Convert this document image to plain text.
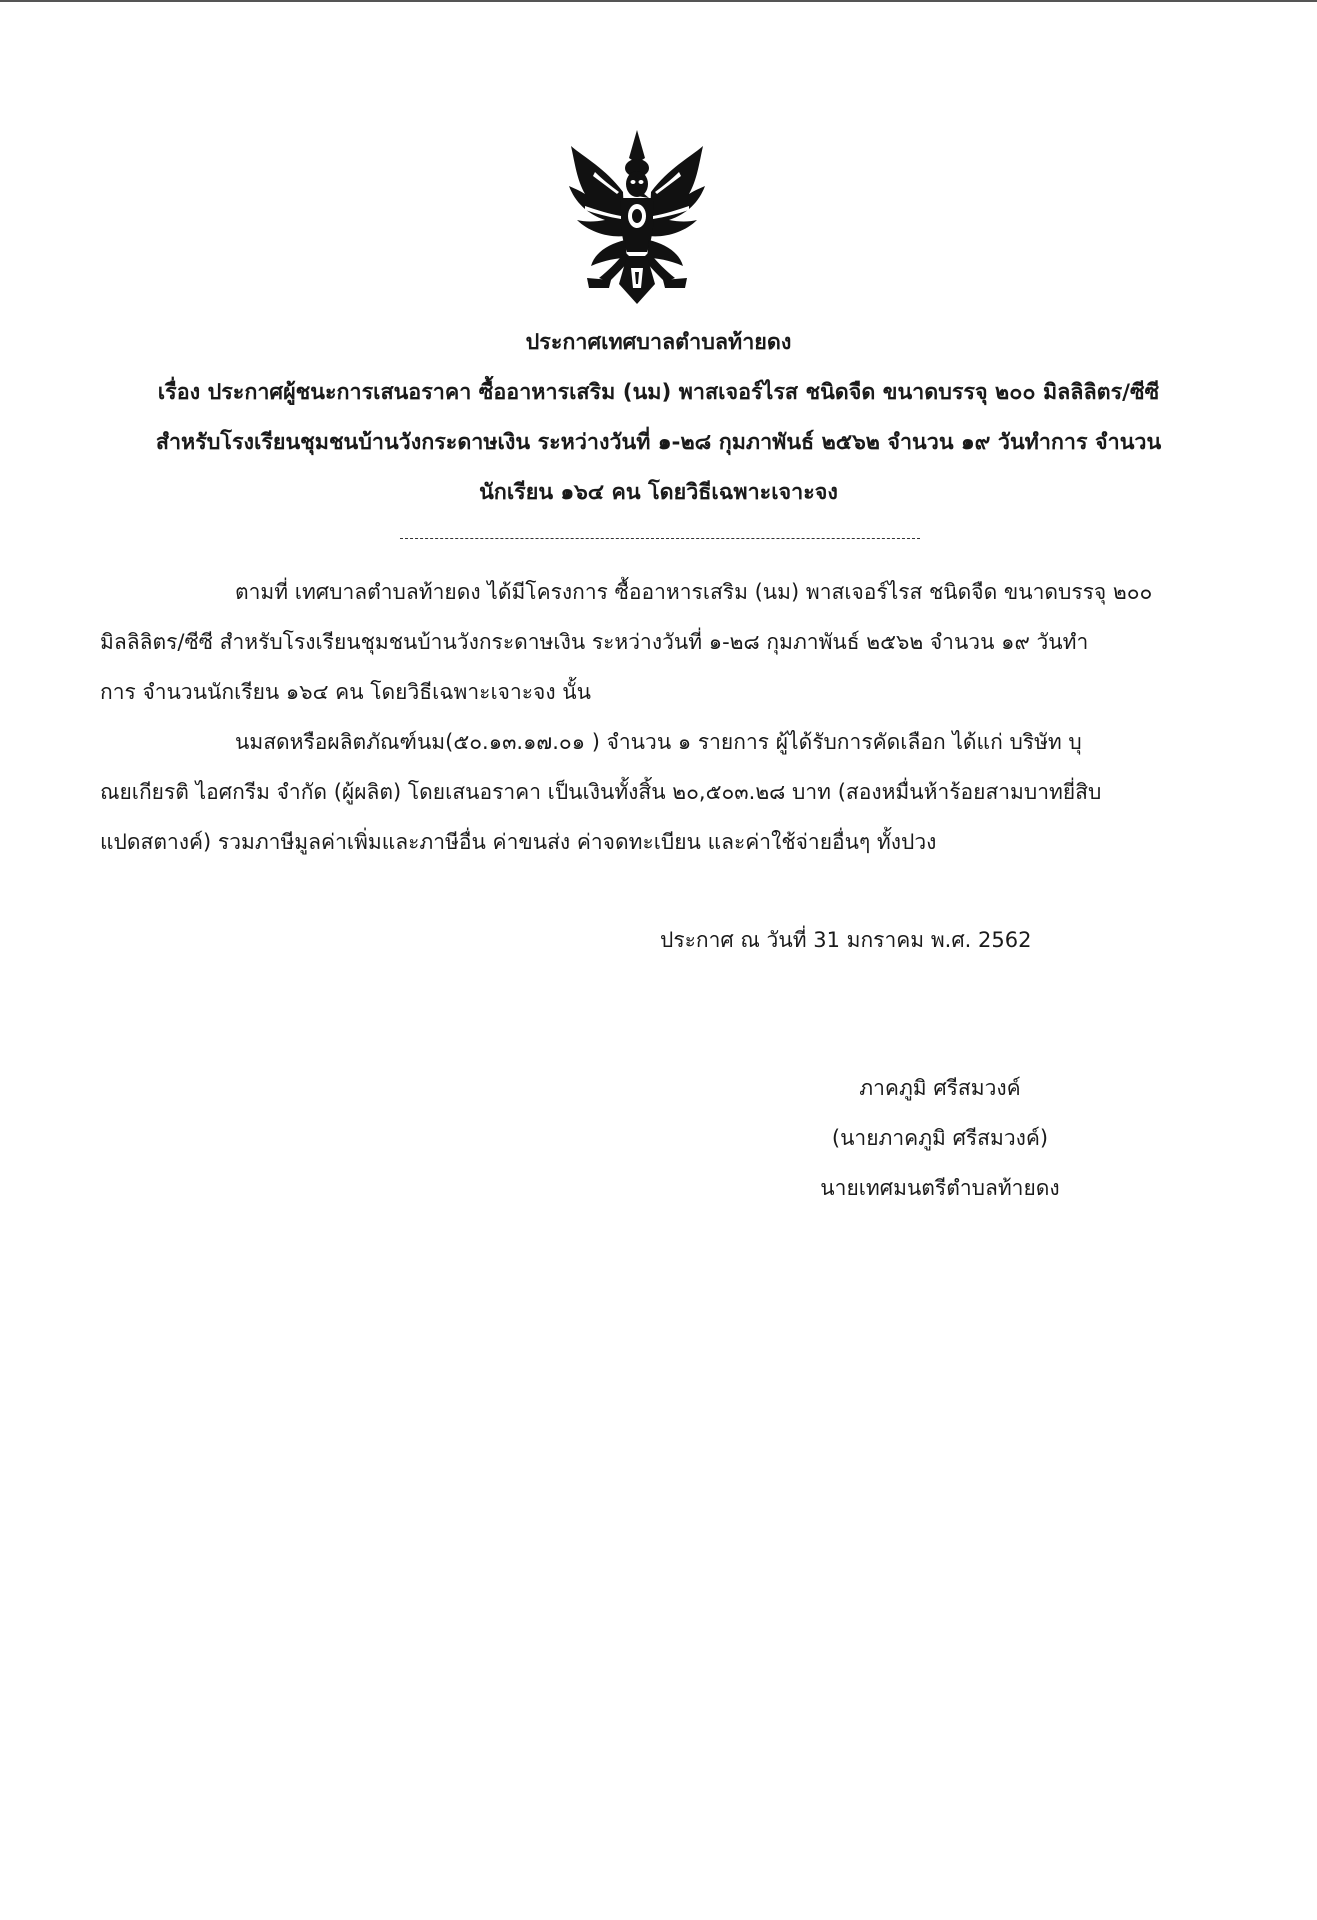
ประกาศเทศบาลตำบลท้ายดง
เรื่อง ประกาศผู้ชนะการเสนอราคา ซื้ออาหารเสริม (นม) พาสเจอร์ไรส ชนิดจืด ขนาดบรรจุ ๒๐๐ มิลลิลิตร/ซีซี
สำหรับโรงเรียนชุมชนบ้านวังกระดาษเงิน ระหว่างวันที่ ๑-๒๘ กุมภาพันธ์ ๒๕๖๒ จำนวน ๑๙ วันทำการ จำนวน
นักเรียน ๑๖๔ คน โดยวิธีเฉพาะเจาะจง
ตามที่ เทศบาลตำบลท้ายดง ได้มีโครงการ ซื้ออาหารเสริม (นม) พาสเจอร์ไรส ชนิดจืด ขนาดบรรจุ ๒๐๐
มิลลิลิตร/ซีซี สำหรับโรงเรียนชุมชนบ้านวังกระดาษเงิน ระหว่างวันที่ ๑-๒๘ กุมภาพันธ์ ๒๕๖๒ จำนวน ๑๙ วันทำ
การ จำนวนนักเรียน ๑๖๔ คน โดยวิธีเฉพาะเจาะจง นั้น
นมสดหรือผลิตภัณฑ์นม(๕๐.๑๓.๑๗.๐๑ ) จำนวน ๑ รายการ ผู้ได้รับการคัดเลือก ได้แก่ บริษัท บุ
ณยเกียรติ ไอศกรีม จำกัด (ผู้ผลิต) โดยเสนอราคา เป็นเงินทั้งสิ้น ๒๐,๕๐๓.๒๘ บาท (สองหมื่นห้าร้อยสามบาทยี่สิบ
แปดสตางค์) รวมภาษีมูลค่าเพิ่มและภาษีอื่น ค่าขนส่ง ค่าจดทะเบียน และค่าใช้จ่ายอื่นๆ ทั้งปวง
ประกาศ ณ วันที่ 31 มกราคม พ.ศ. 2562
ภาคภูมิ ศรีสมวงค์
(นายภาคภูมิ ศรีสมวงค์)
นายเทศมนตรีตำบลท้ายดง
